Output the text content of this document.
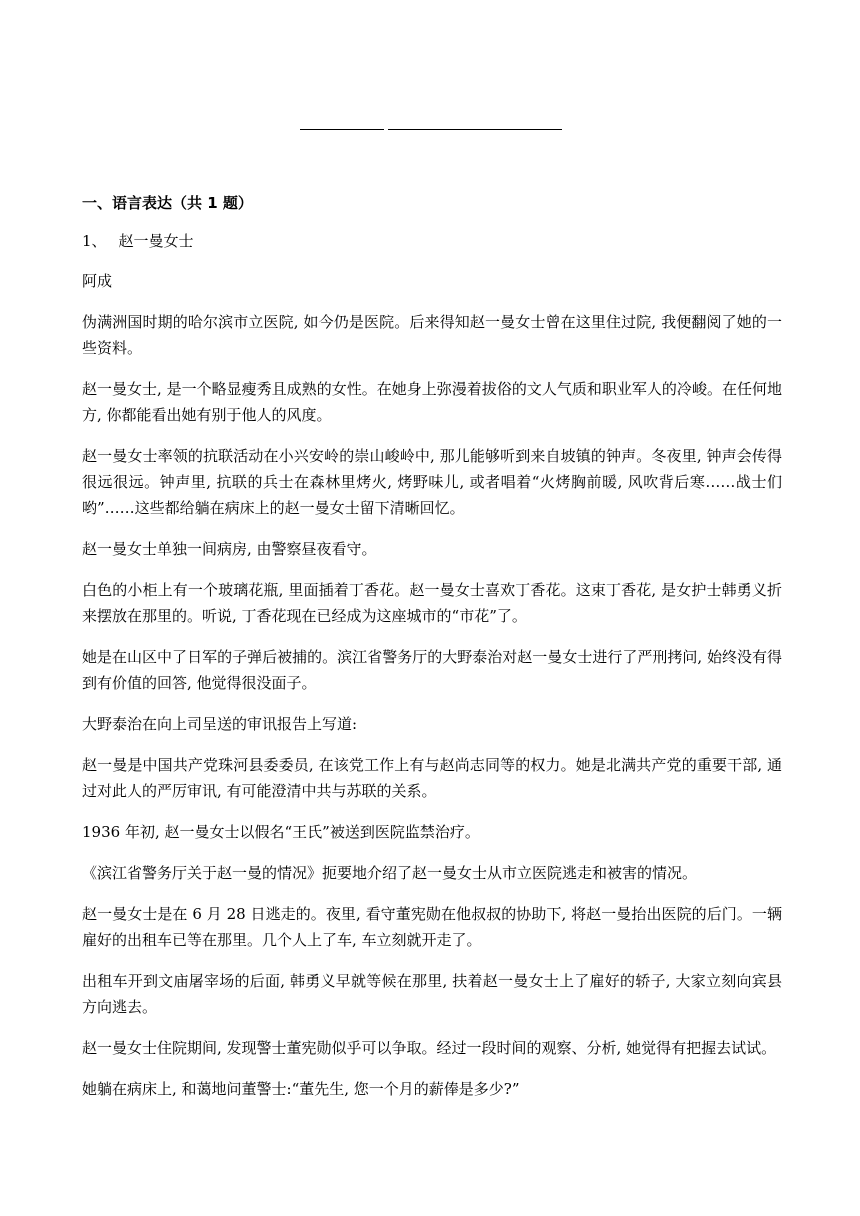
一、语言表达（共 1 题）
1、 赵一曼女士

阿成

伪满洲国时期的哈尔滨市立医院, 如今仍是医院。后来得知赵一曼女士曾在这里住过院, 我便翻阅了她的一些资料。

赵一曼女士, 是一个略显瘦秀且成熟的女性。在她身上弥漫着拔俗的文人气质和职业军人的冷峻。在任何地方, 你都能看出她有别于他人的风度。

赵一曼女士率领的抗联活动在小兴安岭的崇山峻岭中, 那儿能够听到来自坡镇的钟声。冬夜里, 钟声会传得很远很远。钟声里, 抗联的兵士在森林里烤火, 烤野味儿, 或者唱着“火烤胸前暖, 风吹背后寒……战士们哟”……这些都给躺在病床上的赵一曼女士留下清晰回忆。

赵一曼女士单独一间病房, 由警察昼夜看守。

白色的小柜上有一个玻璃花瓶, 里面插着丁香花。赵一曼女士喜欢丁香花。这束丁香花, 是女护士韩勇义折来摆放在那里的。听说, 丁香花现在已经成为这座城市的“市花”了。

她是在山区中了日军的子弹后被捕的。滨江省警务厅的大野泰治对赵一曼女士进行了严刑拷问, 始终没有得到有价值的回答, 他觉得很没面子。

大野泰治在向上司呈送的审讯报告上写道:

赵一曼是中国共产党珠河县委委员, 在该党工作上有与赵尚志同等的权力。她是北满共产党的重要干部, 通过对此人的严厉审讯, 有可能澄清中共与苏联的关系。

1936 年初, 赵一曼女士以假名“王氏”被送到医院监禁治疗。

《滨江省警务厅关于赵一曼的情况》扼要地介绍了赵一曼女士从市立医院逃走和被害的情况。

赵一曼女士是在 6 月 28 日逃走的。夜里, 看守董宪勋在他叔叔的协助下, 将赵一曼抬出医院的后门。一辆雇好的出租车已等在那里。几个人上了车, 车立刻就开走了。

出租车开到文庙屠宰场的后面, 韩勇义早就等候在那里, 扶着赵一曼女士上了雇好的轿子, 大家立刻向宾县方向逃去。

赵一曼女士住院期间, 发现警士董宪勋似乎可以争取。经过一段时间的观察、分析, 她觉得有把握去试试。

她躺在病床上, 和蔼地问董警士:“董先生, 您一个月的薪俸是多少?”
